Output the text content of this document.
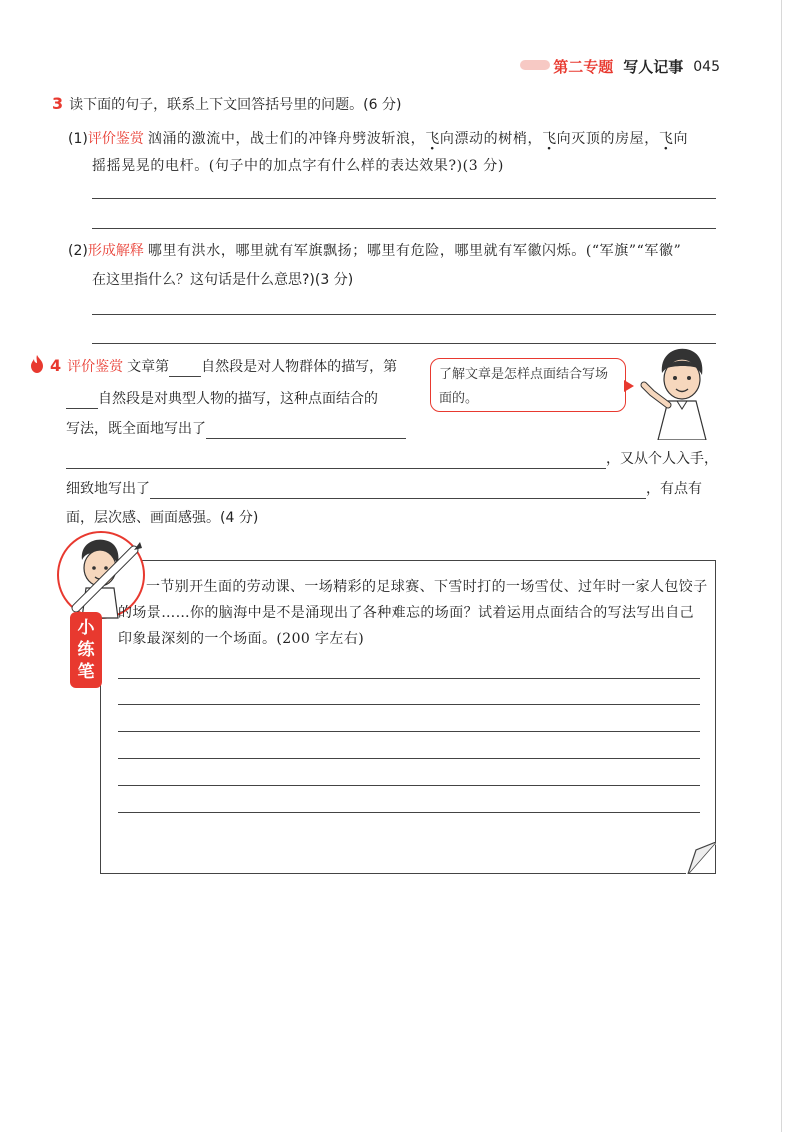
第二专题 写人记事 045
3 读下面的句子，联系上下文回答括号里的问题。(6 分)
(1)评价鉴赏 汹涌的激流中，战士们的冲锋舟劈波斩浪，飞向漂动的树梢，飞向灭顶的房屋，飞向
摇摇晃晃的电杆。(句子中的加点字有什么样的表达效果?)(3 分)
(2)形成解释 哪里有洪水，哪里就有军旗飘扬；哪里有危险，哪里就有军徽闪烁。(“军旗”“军徽”
在这里指什么？这句话是什么意思?)(3 分)
4 评价鉴赏 文章第 自然段是对人物群体的描写，第
自然段是对典型人物的描写，这种点面结合的
写法，既全面地写出了
，又从个人入手，
细致地写出了	，有点有
面，层次感、画面感强。(4 分)
了解文章是怎样点面结合写场面的。
小
练
笔
一节别开生面的劳动课、一场精彩的足球赛、下雪时打的一场雪仗、过年时一家人包饺子的场景……你的脑海中是不是涌现出了各种难忘的场面？试着运用点面结合的写法写出自己印象最深刻的一个场面。(200 字左右)
